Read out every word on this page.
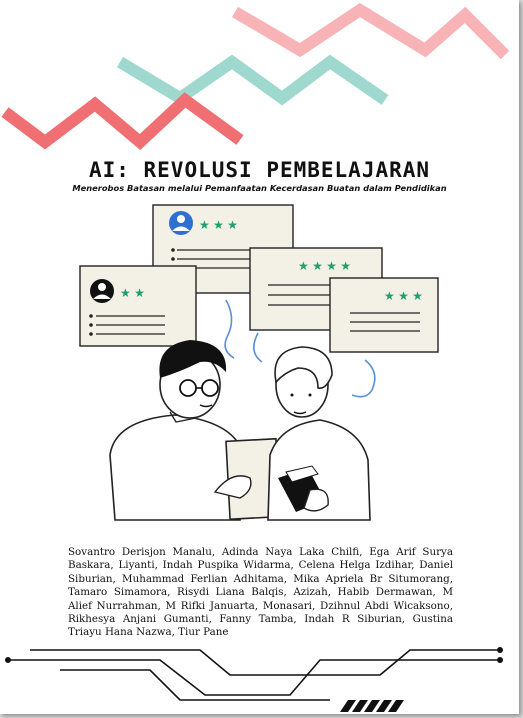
AI: REVOLUSI PEMBELAJARAN
Menerobos Batasan melalui Pemanfaatan Kecerdasan Buatan dalam Pendidikan
★ ★ ★
★ ★
★ ★ ★ ★
★ ★ ★
Sovantro Derisjon Manalu, Adinda Naya Laka Chilfi, Ega Arif Surya Baskara, Liyanti, Indah Puspika Widarma, Celena Helga Izdihar, Daniel Siburian, Muhammad Ferlian Adhitama, Mika Apriela Br Situmorang, Tamaro Simamora, Risydi Liana Balqis, Azizah, Habib Dermawan, M Alief Nurrahman, M Rifki Januarta, Monasari, Dzihnul Abdi Wicaksono, Rikhesya Anjani Gumanti, Fanny Tamba, Indah R Siburian, Gustina Triayu Hana Nazwa, Tiur Pane
